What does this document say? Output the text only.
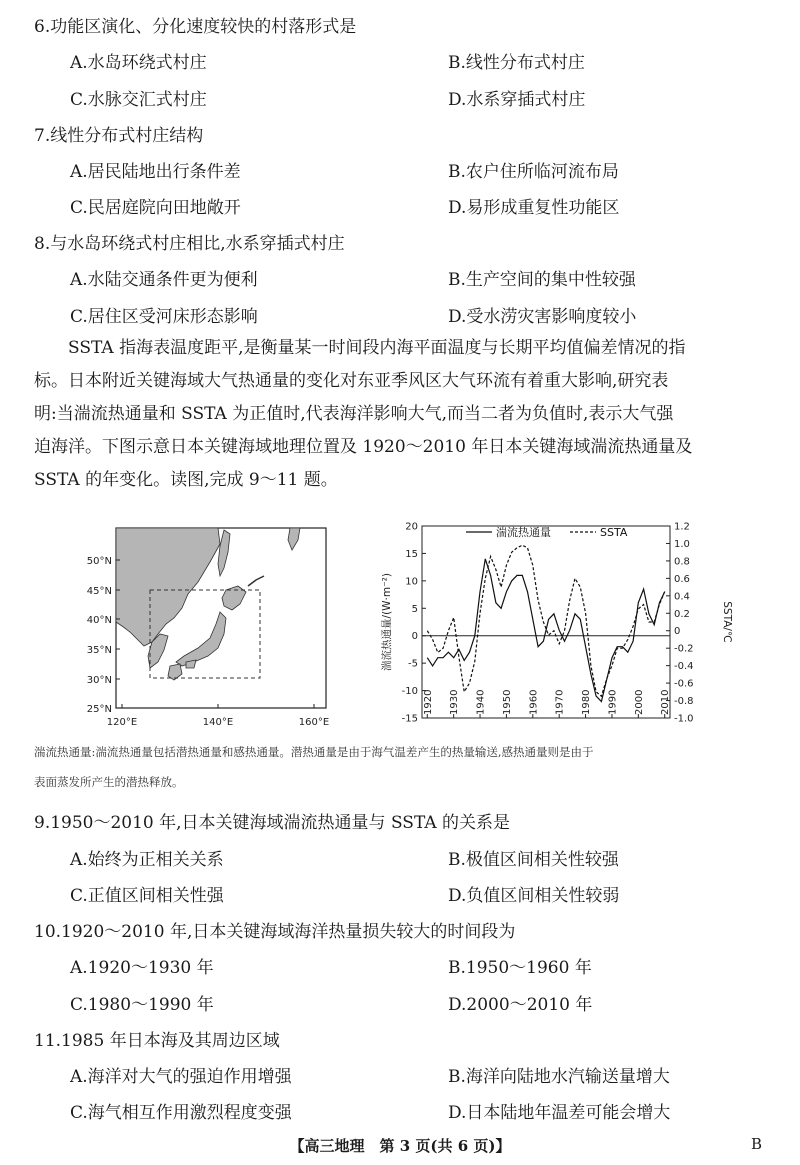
6.功能区演化、分化速度较快的村落形式是
A.水岛环绕式村庄	B.线性分布式村庄
C.水脉交汇式村庄	D.水系穿插式村庄
7.线性分布式村庄结构
A.居民陆地出行条件差	B.农户住所临河流布局
C.民居庭院向田地敞开	D.易形成重复性功能区
8.与水岛环绕式村庄相比,水系穿插式村庄
A.水陆交通条件更为便利	B.生产空间的集中性较强
C.居住区受河床形态影响	D.受水涝灾害影响度较小

SSTA 指海表温度距平,是衡量某一时间段内海平面温度与长期平均值偏差情况的指

标。日本附近关键海域大气热通量的变化对东亚季风区大气环流有着重大影响,研究表

明:当湍流热通量和 SSTA 为正值时,代表海洋影响大气,而当二者为负值时,表示大气强

迫海洋。下图示意日本关键海域地理位置及 1920～2010 年日本关键海域湍流热通量及

SSTA 的年变化。读图,完成 9～11 题。

50°N
45°N
40°N
35°N
30°N
25°N
120°E	140°E	160°E
20
15
10
5
0
-5
-10
-15
1.2
1.0
0.8
0.6
0.4
0.2
0
-0.2
-0.4
-0.6
-0.8
-1.0
1920 1930 1940 1950 1960 1970 1980 1990 2000 2010
湍流热通量	SSTA
湍流热通量/(W·m⁻²)	SSTA/℃
湍流热通量:湍流热通量包括潜热通量和感热通量。潜热通量是由于海气温差产生的热量输送,感热通量则是由于
表面蒸发所产生的潜热释放。
9.1950～2010 年,日本关键海域湍流热通量与 SSTA 的关系是
A.始终为正相关关系	B.极值区间相关性较强
C.正值区间相关性强	D.负值区间相关性较弱
10.1920～2010 年,日本关键海域海洋热量损失较大的时间段为
A.1920～1930 年	B.1950～1960 年
C.1980～1990 年	D.2000～2010 年
11.1985 年日本海及其周边区域
A.海洋对大气的强迫作用增强	B.海洋向陆地水汽输送量增大
C.海气相互作用激烈程度变强	D.日本陆地年温差可能会增大
【高三地理　第 3 页(共 6 页)】	B
